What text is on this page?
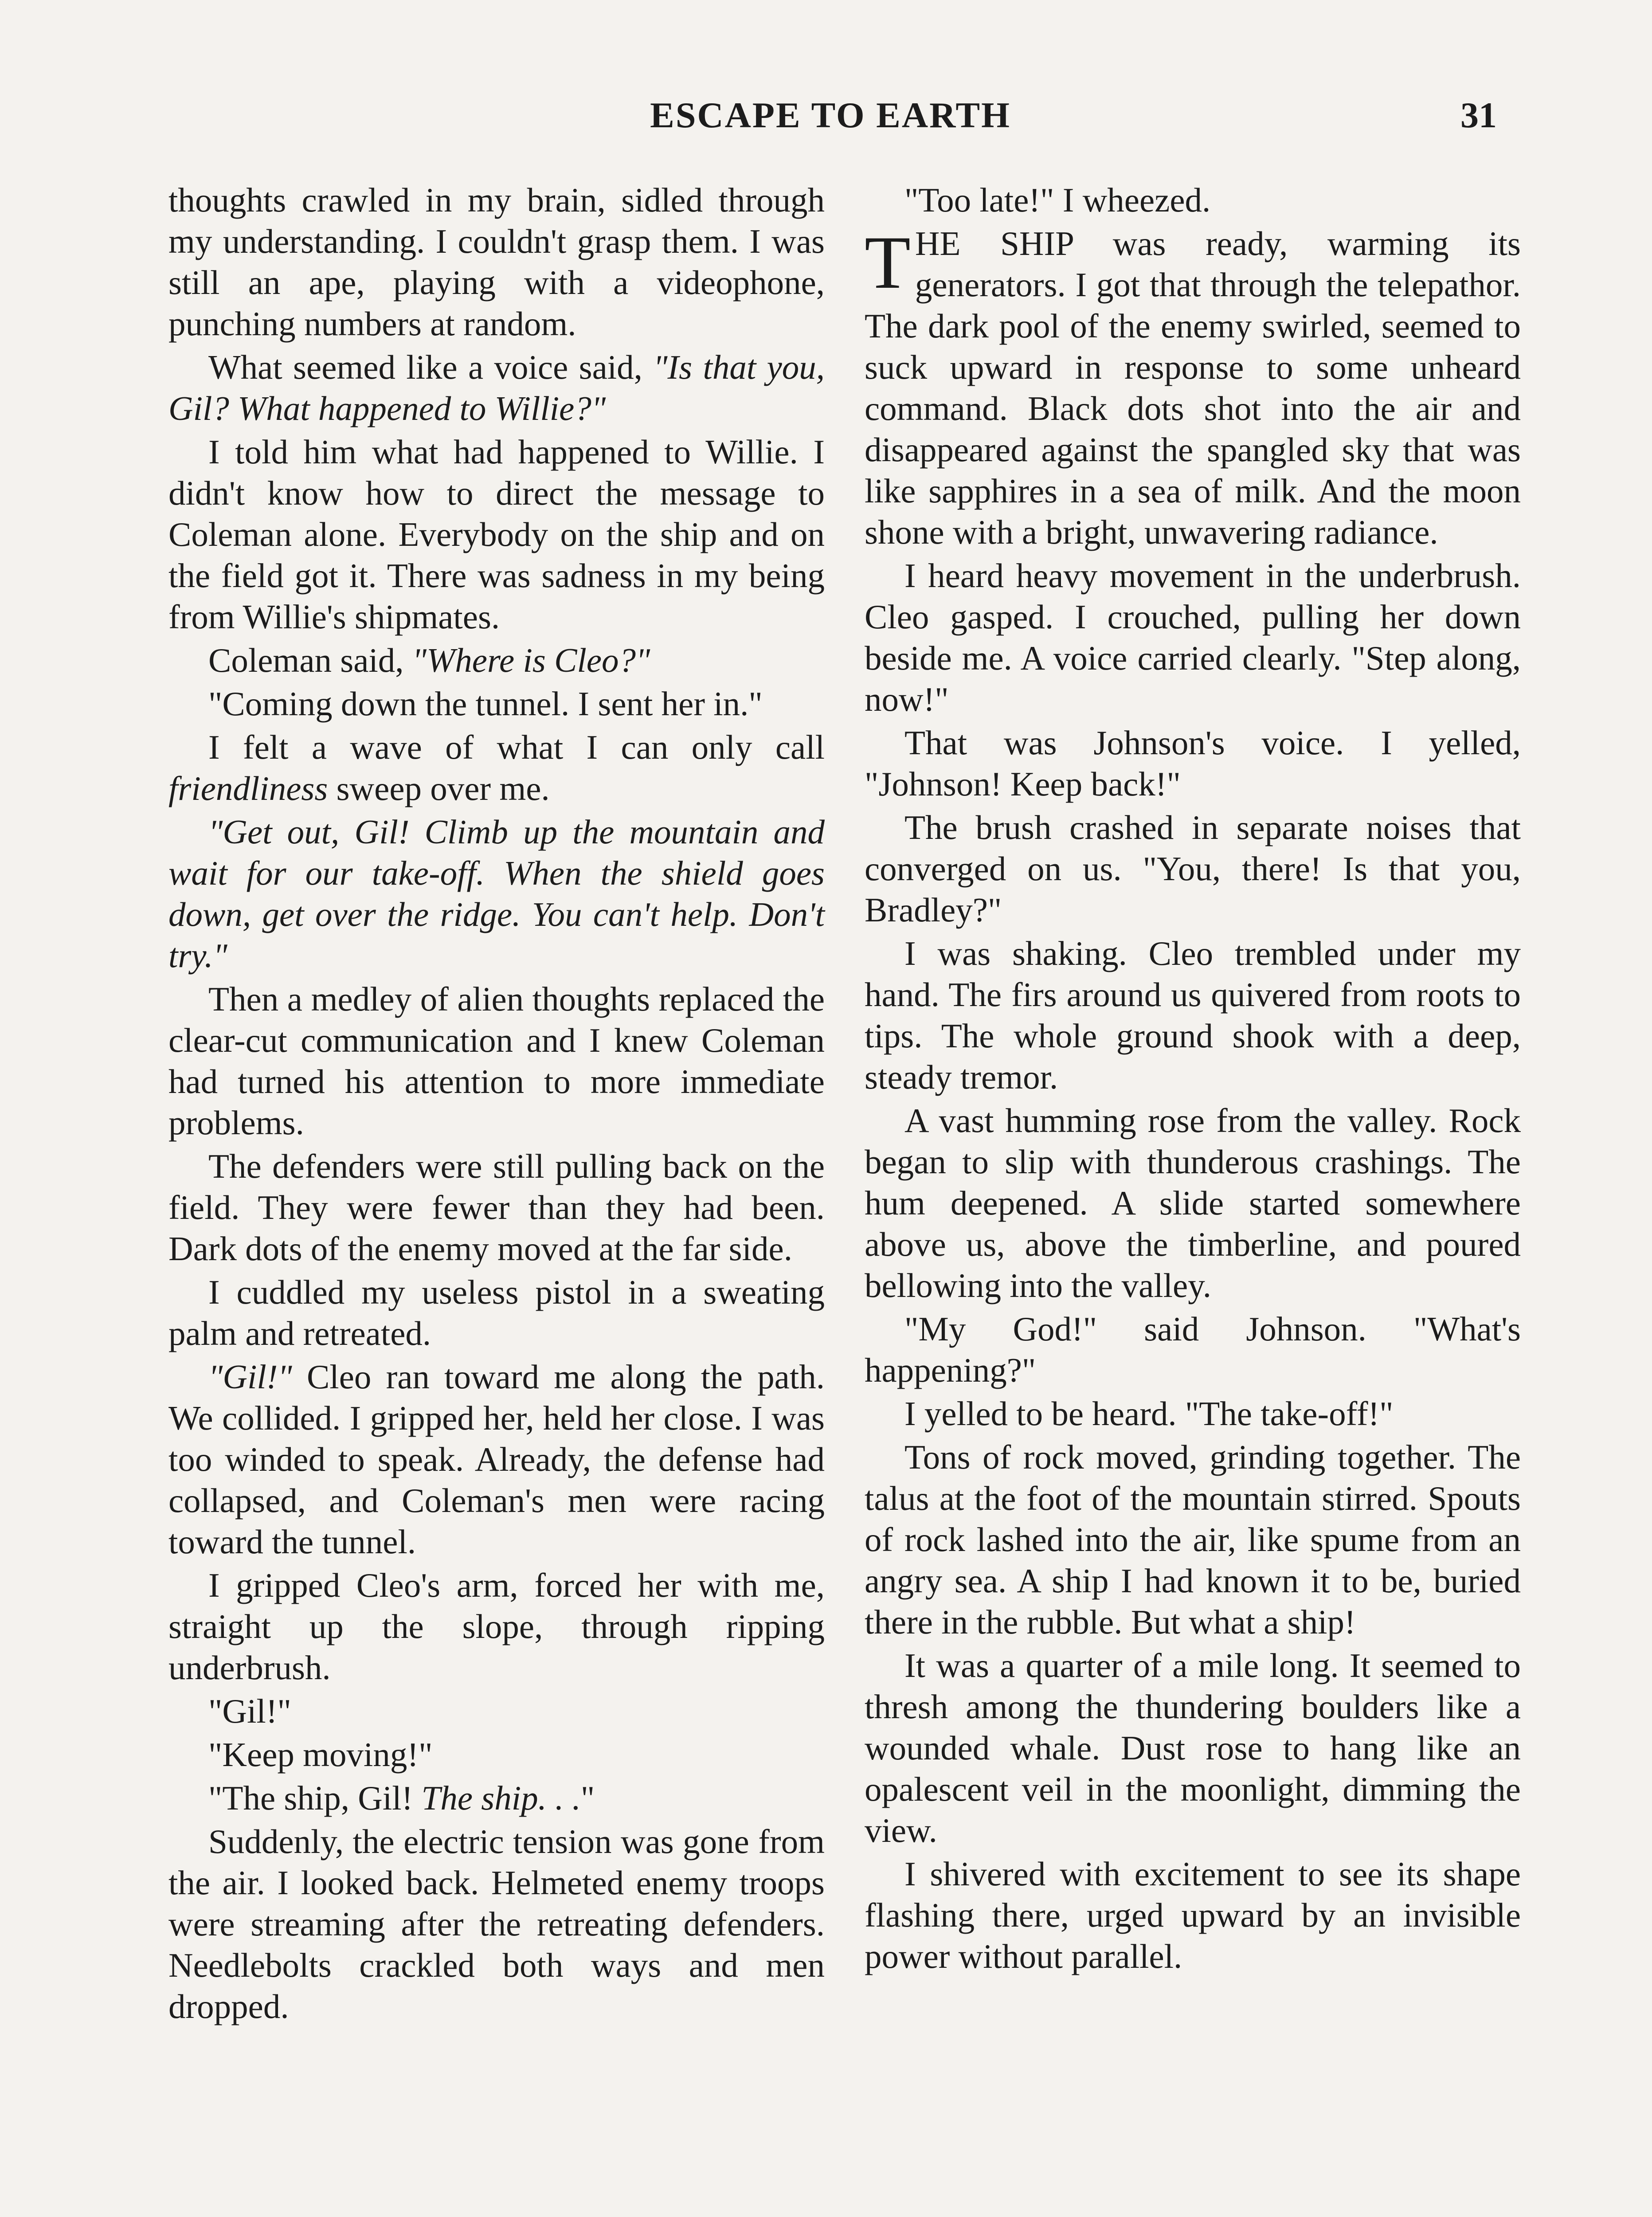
ESCAPE TO EARTH	31

thoughts crawled in my brain, sidled through my understanding. I couldn't grasp them. I was still an ape, playing with a videophone, punching numbers at random.

What seemed like a voice said, "Is that you, Gil? What happened to Willie?"

I told him what had happened to Willie. I didn't know how to direct the message to Coleman alone. Everybody on the ship and on the field got it. There was sadness in my being from Willie's shipmates.

Coleman said, "Where is Cleo?"

"Coming down the tunnel. I sent her in."

I felt a wave of what I can only call friendliness sweep over me.

"Get out, Gil! Climb up the mountain and wait for our take-off. When the shield goes down, get over the ridge. You can't help. Don't try."

Then a medley of alien thoughts replaced the clear-cut communication and I knew Coleman had turned his attention to more immediate problems.

The defenders were still pulling back on the field. They were fewer than they had been. Dark dots of the enemy moved at the far side.

I cuddled my useless pistol in a sweating palm and retreated.

"Gil!" Cleo ran toward me along the path. We collided. I gripped her, held her close. I was too winded to speak. Already, the defense had collapsed, and Coleman's men were racing toward the tunnel.

I gripped Cleo's arm, forced her with me, straight up the slope, through ripping underbrush.

"Gil!"

"Keep moving!"

"The ship, Gil! The ship. . ."

Suddenly, the electric tension was gone from the air. I looked back. Helmeted enemy troops were streaming after the retreating defenders. Needlebolts crackled both ways and men dropped.

"Too late!" I wheezed.

THE SHIP was ready, warming its generators. I got that through the telepathor. The dark pool of the enemy swirled, seemed to suck upward in response to some unheard command. Black dots shot into the air and disappeared against the spangled sky that was like sapphires in a sea of milk. And the moon shone with a bright, unwavering radiance.

I heard heavy movement in the underbrush. Cleo gasped. I crouched, pulling her down beside me. A voice carried clearly. "Step along, now!"

That was Johnson's voice. I yelled, "Johnson! Keep back!"

The brush crashed in separate noises that converged on us. "You, there! Is that you, Bradley?"

I was shaking. Cleo trembled under my hand. The firs around us quivered from roots to tips. The whole ground shook with a deep, steady tremor.

A vast humming rose from the valley. Rock began to slip with thunderous crashings. The hum deepened. A slide started somewhere above us, above the timberline, and poured bellowing into the valley.

"My God!" said Johnson. "What's happening?"

I yelled to be heard. "The take-off!"

Tons of rock moved, grinding together. The talus at the foot of the mountain stirred. Spouts of rock lashed into the air, like spume from an angry sea. A ship I had known it to be, buried there in the rubble. But what a ship!

It was a quarter of a mile long. It seemed to thresh among the thundering boulders like a wounded whale. Dust rose to hang like an opalescent veil in the moonlight, dimming the view.

I shivered with excitement to see its shape flashing there, urged upward by an invisible power without parallel.
